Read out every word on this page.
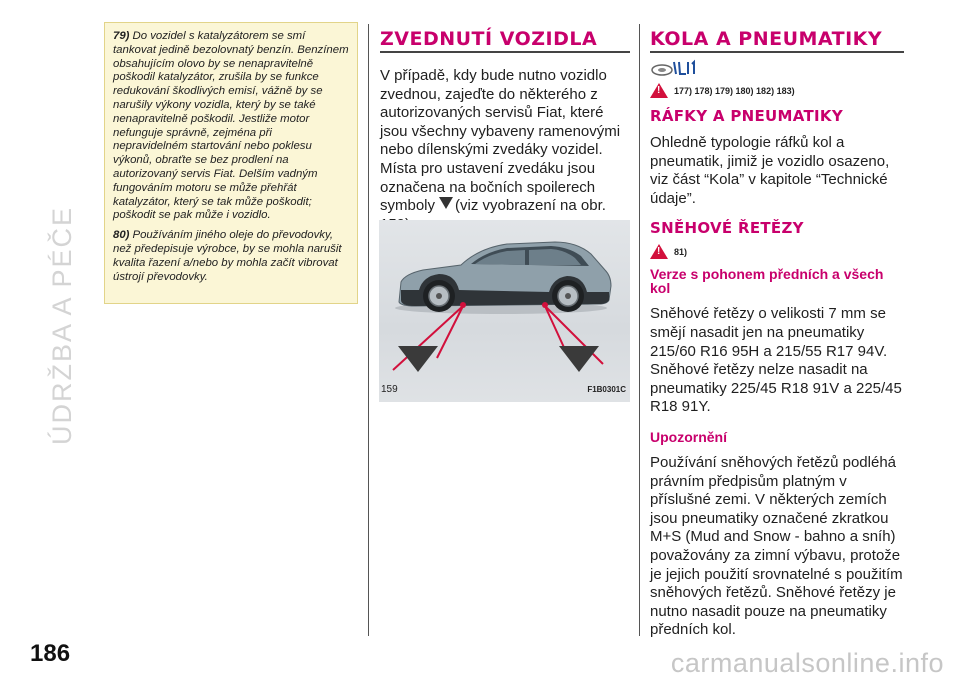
ÚDRŽBA A PÉČE
186	carmanualsonline.info

79) Do vozidel s katalyzátorem se smí tankovat jedině bezolovnatý benzín. Benzínem obsahujícím olovo by se nenapravitelně poškodil katalyzátor, zrušila by se funkce redukování škodlivých emisí, vážně by se narušily výkony vozidla, který by se také nenapravitelně poškodil. Jestliže motor nefunguje správně, zejména při nepravidelném startování nebo poklesu výkonů, obraťte se bez prodlení na autorizovaný servis Fiat. Delším vadným fungováním motoru se může přehřát katalyzátor, který se tak může poškodit; poškodit se pak může i vozidlo.

80) Používáním jiného oleje do převodovky, než předepisuje výrobce, by se mohla narušit kvalita řazení a/nebo by mohla začít vibrovat ústrojí převodovky.

ZVEDNUTÍ VOZIDLA

V případě, kdy bude nutno vozidlo zvednou, zajeďte do některého z autorizovaných servisů Fiat, které jsou všechny vybaveny ramenovými nebo dílenskými zvedáky vozidel.

Místa pro ustavení zvedáku jsou označena na bočních spoilerech symboly (viz vyobrazení na obr.

159	F1B0301C
KOLA A PNEUMATIKY
!
177) 178) 179) 180) 182) 183)
RÁFKY A PNEUMATIKY

Ohledně typologie ráfků kol a pneumatik, jimiž je vozidlo osazeno, viz část “Kola” v kapitole “Technické údaje”.

SNĚHOVÉ ŘETĚZY
!
81)
Verze s pohonem předních a všech kol

Sněhové řetězy o velikosti 7 mm se smějí nasadit jen na pneumatiky 215/60 R16 95H a 215/55 R17 94V. Sněhové řetězy nelze nasadit na pneumatiky 225/45 R18 91V a 225/45 R18 91Y.

Upozornění

Používání sněhových řetězů podléhá právním předpisům platným v příslušné zemi. V některých zemích jsou pneumatiky označené zkratkou M+S (Mud and Snow - bahno a sníh) považovány za zimní výbavu, protože je jejich použití srovnatelné s použitím sněhových řetězů. Sněhové řetězy je nutno nasadit pouze na pneumatiky předních kol.
